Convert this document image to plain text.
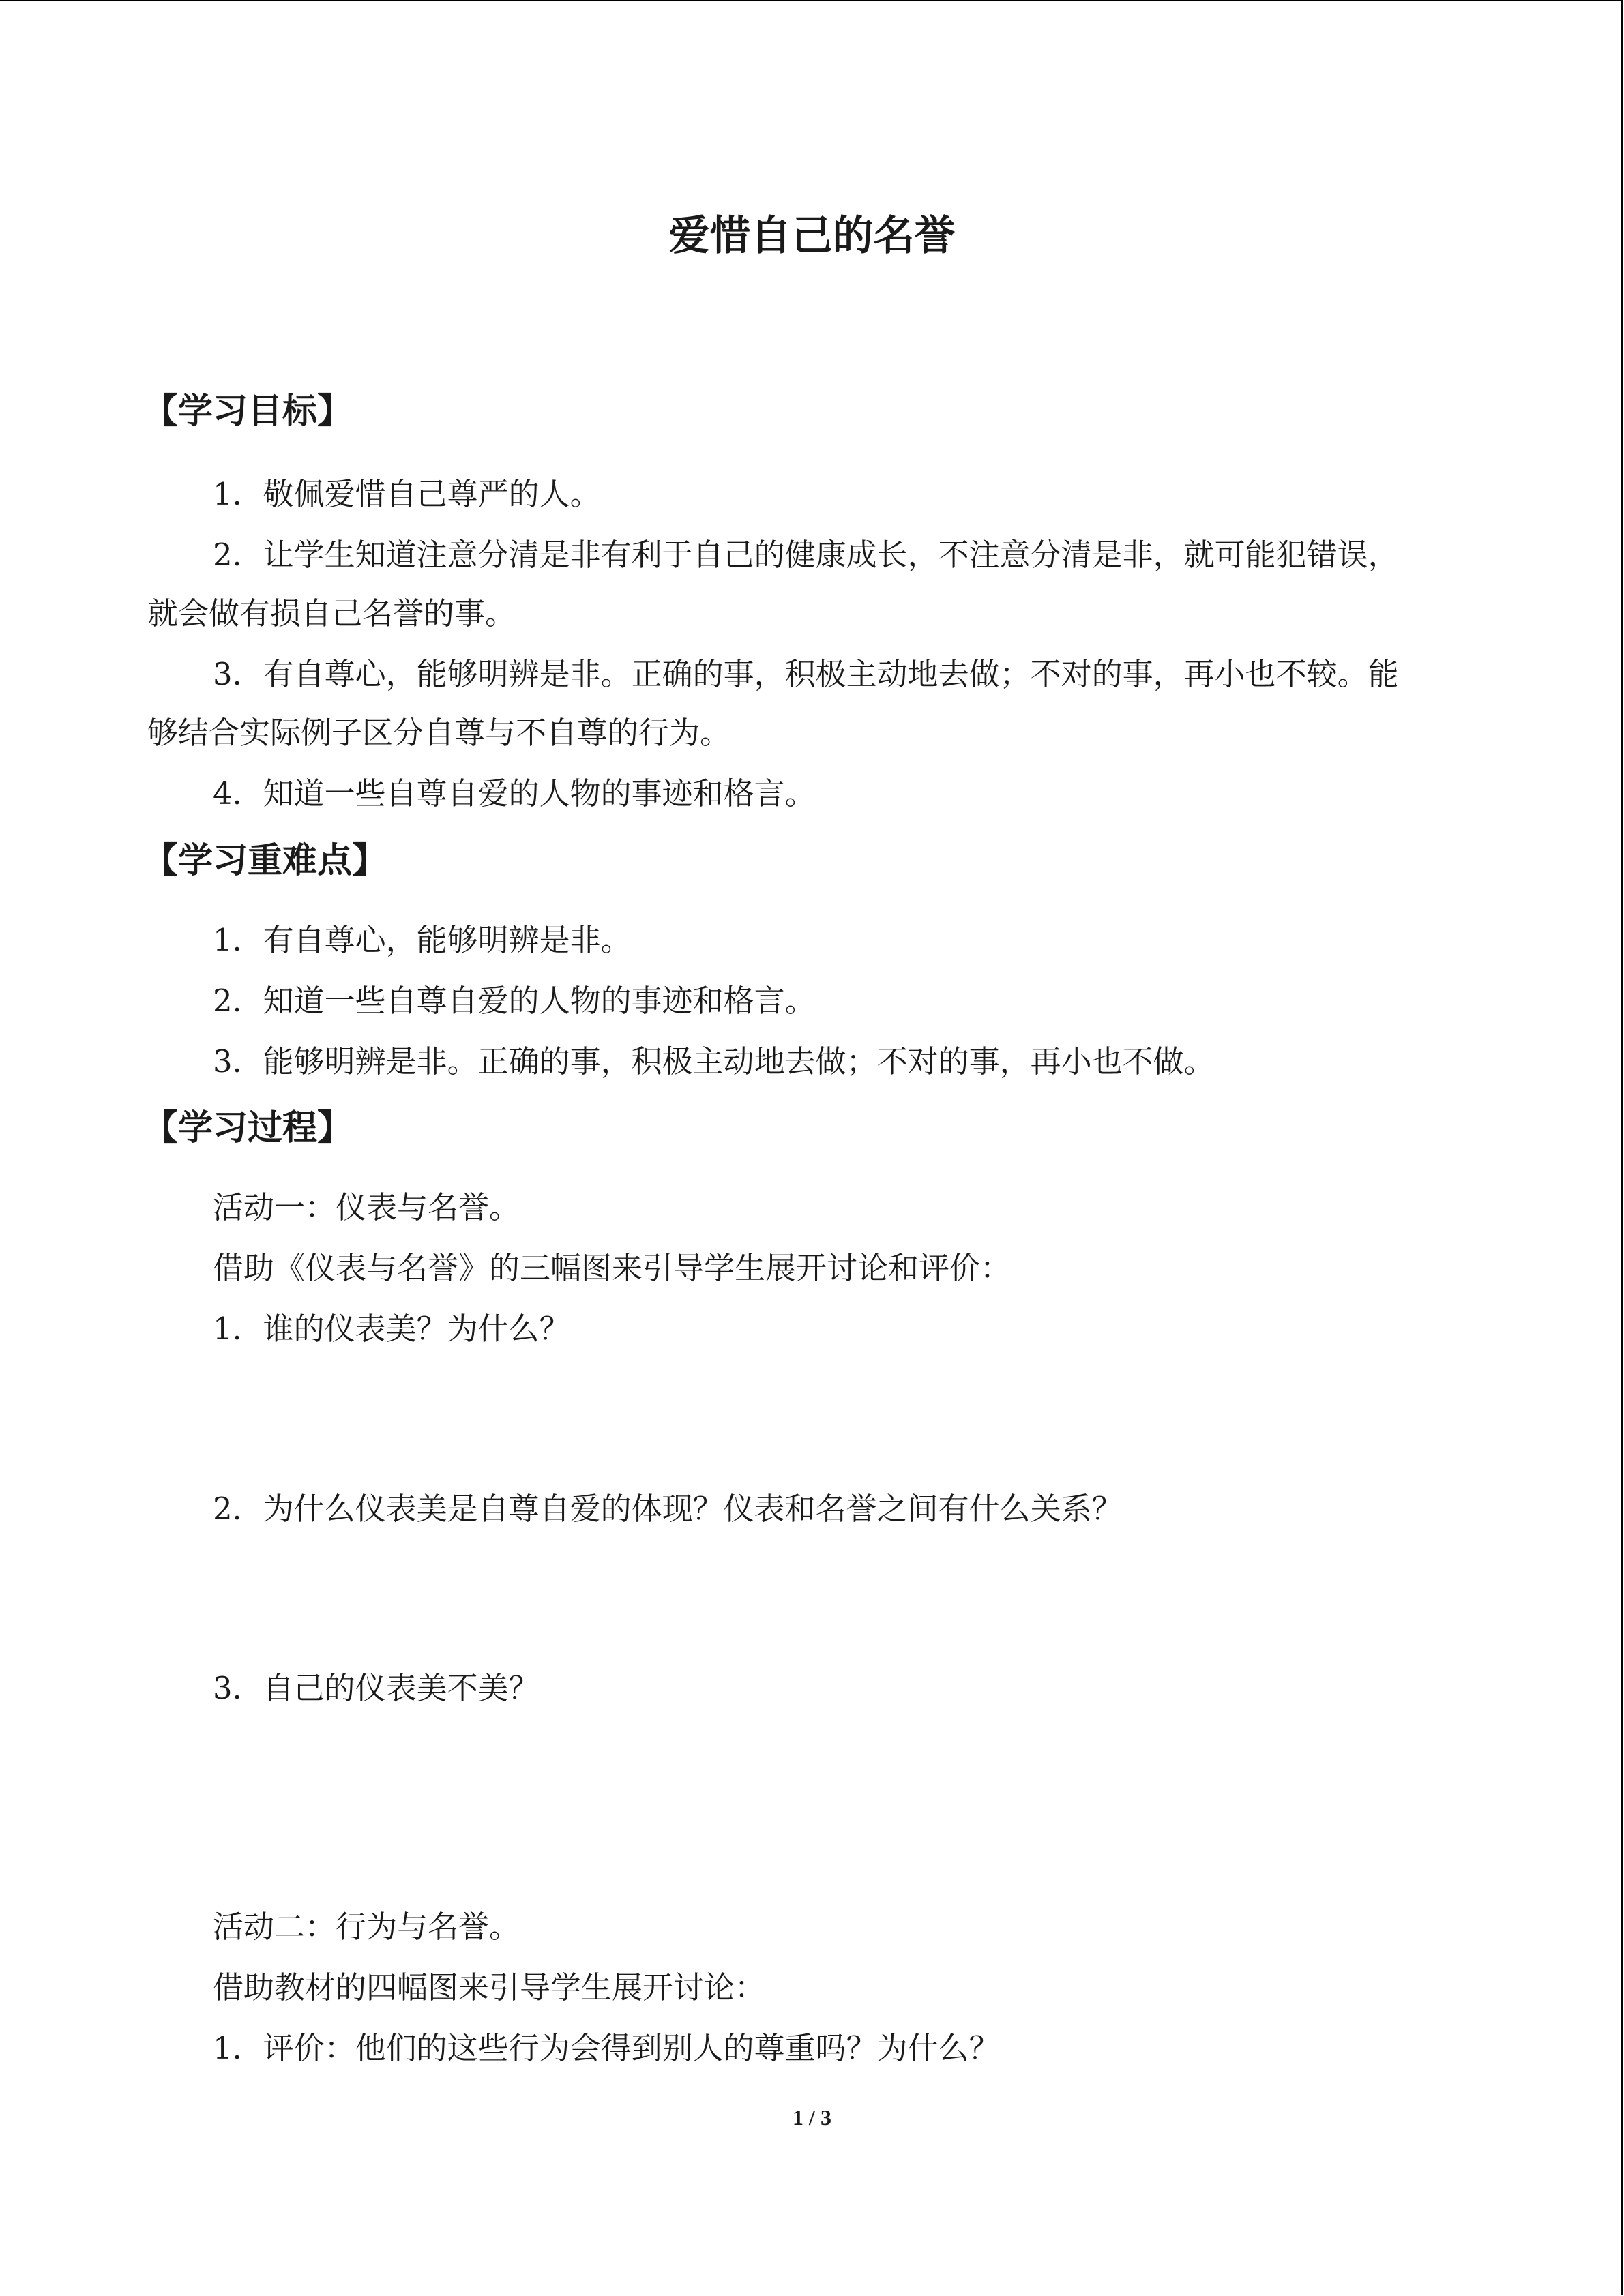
爱惜自己的名誉
【学习目标】
1．敬佩爱惜自己尊严的人。
2．让学生知道注意分清是非有利于自己的健康成长，不注意分清是非，就可能犯错误，
就会做有损自己名誉的事。
3．有自尊心，能够明辨是非。正确的事，积极主动地去做；不对的事，再小也不较。能
够结合实际例子区分自尊与不自尊的行为。
4．知道一些自尊自爱的人物的事迹和格言。
【学习重难点】
1．有自尊心，能够明辨是非。
2．知道一些自尊自爱的人物的事迹和格言。
3．能够明辨是非。正确的事，积极主动地去做；不对的事，再小也不做。
【学习过程】
活动一：仪表与名誉。
借助《仪表与名誉》的三幅图来引导学生展开讨论和评价：
1．谁的仪表美？为什么？
2．为什么仪表美是自尊自爱的体现？仪表和名誉之间有什么关系？
3．自己的仪表美不美？
活动二：行为与名誉。
借助教材的四幅图来引导学生展开讨论：
1．评价：他们的这些行为会得到别人的尊重吗？为什么？
1 / 3
